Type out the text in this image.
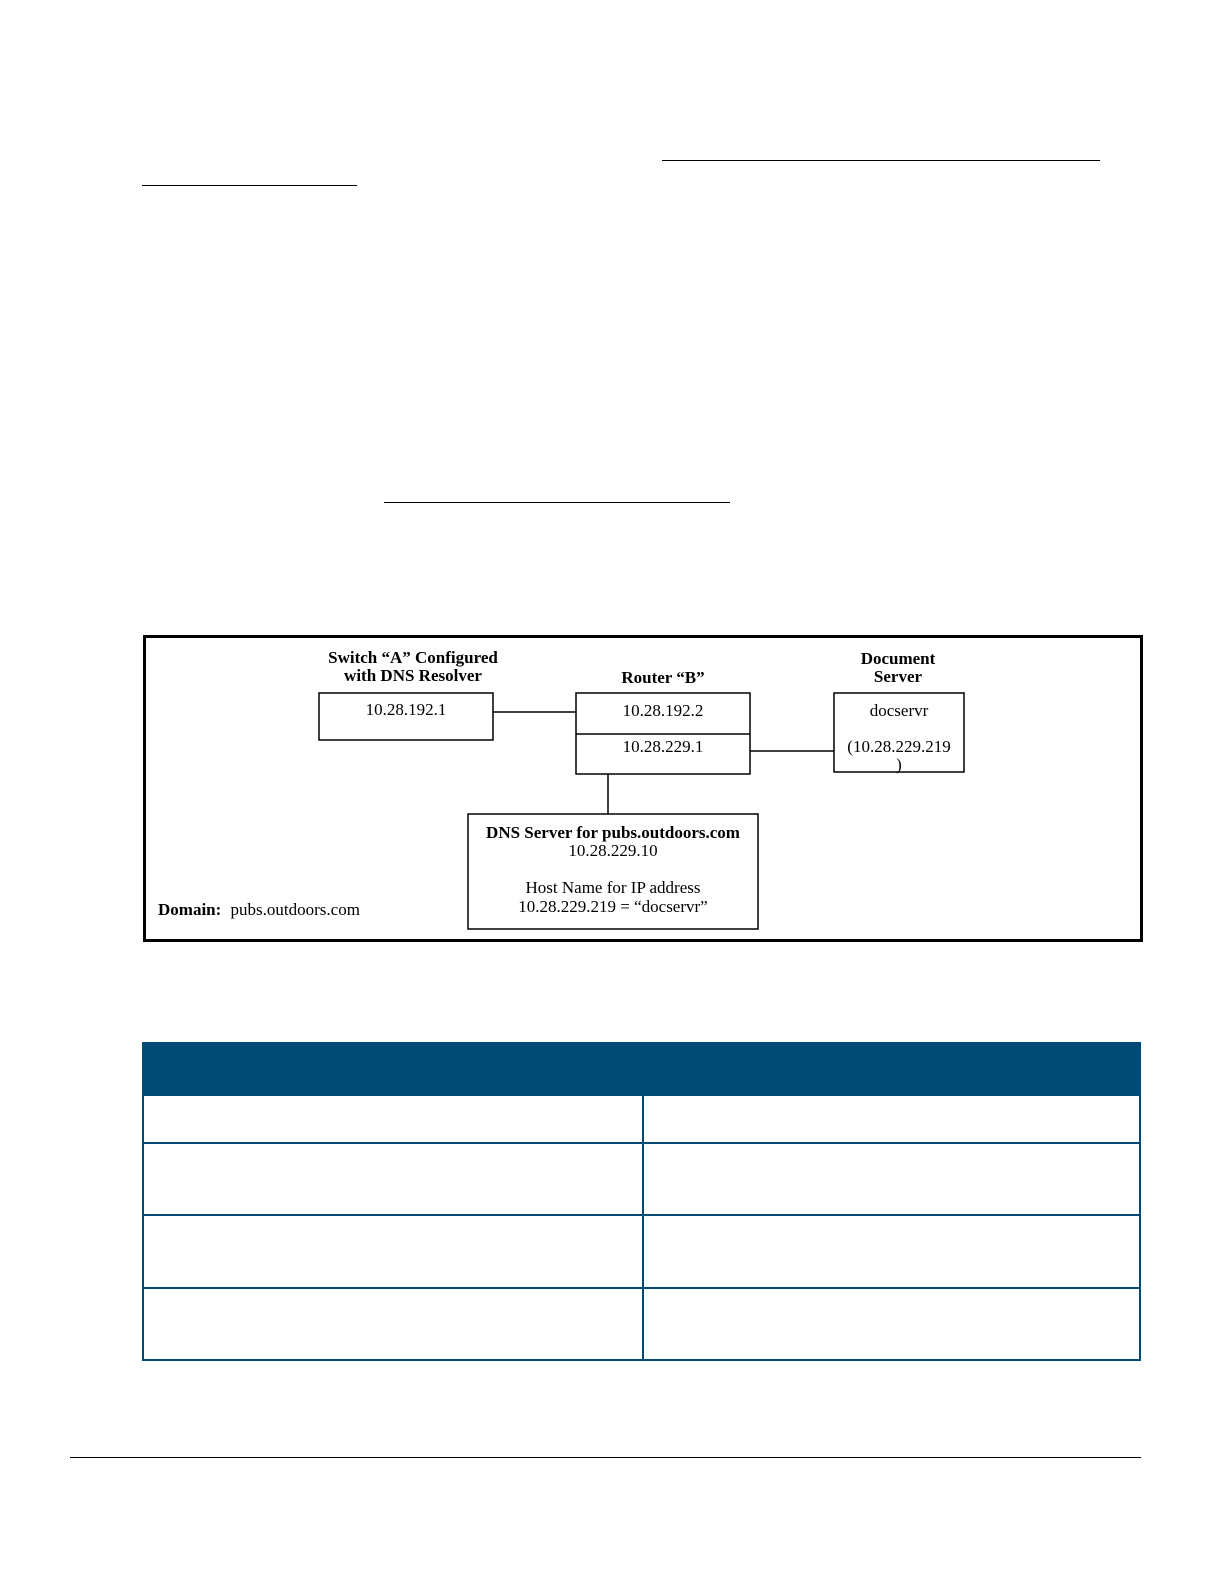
Switch “A” Configured
with DNS Resolver
10.28.192.1
Router “B”
10.28.192.2
10.28.229.1
Document
Server
docservr
(10.28.229.219
)
DNS Server for pubs.outdoors.com
10.28.229.10
Host Name for IP address
10.28.229.219 = “docservr”
Domain: pubs.outdoors.com
